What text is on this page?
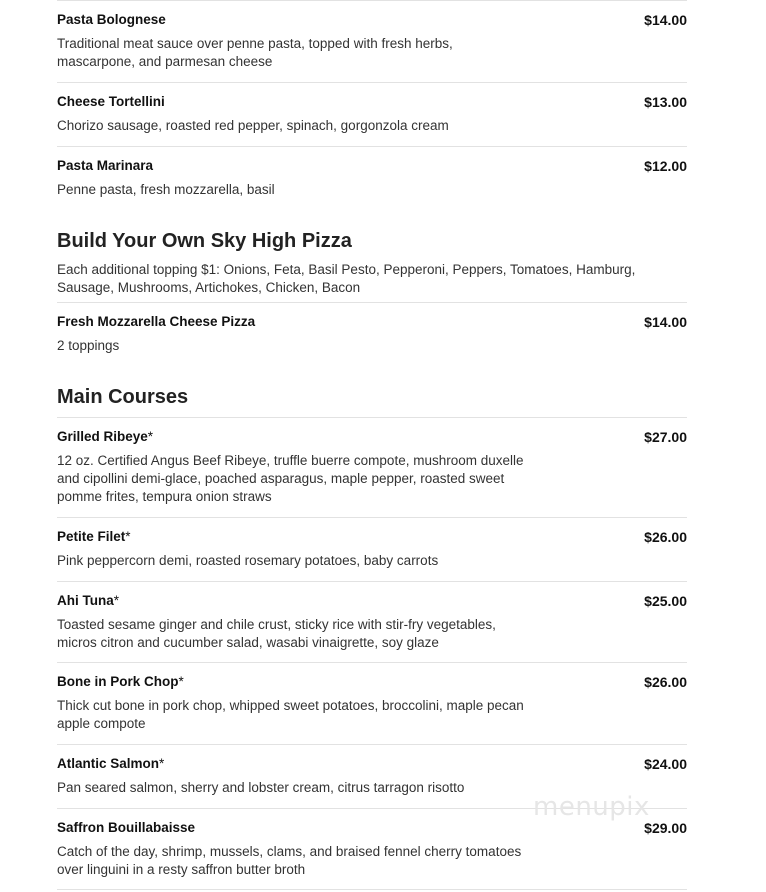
Pasta Bolognese	$14.00
Traditional meat sauce over penne pasta, topped with fresh herbs, mascarpone, and parmesan cheese
Cheese Tortellini	$13.00
Chorizo sausage, roasted red pepper, spinach, gorgonzola cream
Pasta Marinara	$12.00
Penne pasta, fresh mozzarella, basil
Build Your Own Sky High Pizza
Each additional topping $1: Onions, Feta, Basil Pesto, Pepperoni, Peppers, Tomatoes, Hamburg, Sausage, Mushrooms, Artichokes, Chicken, Bacon
Fresh Mozzarella Cheese Pizza	$14.00
2 toppings
Main Courses
Grilled Ribeye*	$27.00
12 oz. Certified Angus Beef Ribeye, truffle buerre compote, mushroom duxelle and cipollini demi-glace, poached asparagus, maple pepper, roasted sweet pomme frites, tempura onion straws
Petite Filet*	$26.00
Pink peppercorn demi, roasted rosemary potatoes, baby carrots
Ahi Tuna*	$25.00
Toasted sesame ginger and chile crust, sticky rice with stir-fry vegetables, micros citron and cucumber salad, wasabi vinaigrette, soy glaze
Bone in Pork Chop*	$26.00
Thick cut bone in pork chop, whipped sweet potatoes, broccolini, maple pecan apple compote
Atlantic Salmon*	$24.00
Pan seared salmon, sherry and lobster cream, citrus tarragon risotto
Saffron Bouillabaisse	$29.00
Catch of the day, shrimp, mussels, clams, and braised fennel cherry tomatoes over linguini in a resty saffron butter broth
menupix
